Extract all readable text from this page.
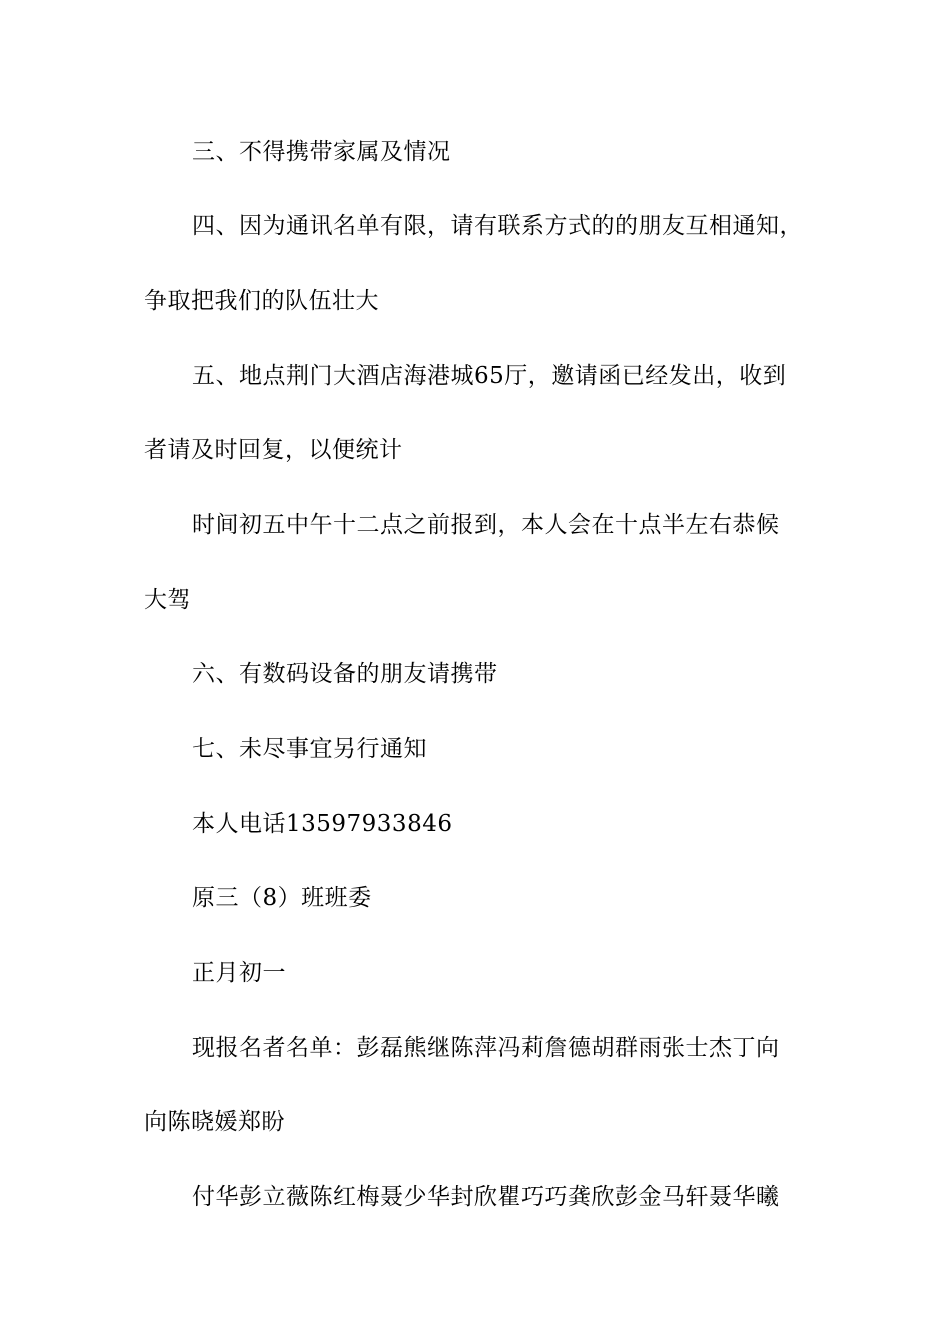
三、不得携带家属及情况
四、因为通讯名单有限，请有联系方式的的朋友互相通知，
争取把我们的队伍壮大
五、地点荆门大酒店海港城65厅，邀请函已经发出，收到
者请及时回复，以便统计
时间初五中午十二点之前报到，本人会在十点半左右恭候
大驾
六、有数码设备的朋友请携带
七、未尽事宜另行通知
本人电话13597933846
原三（8）班班委
正月初一
现报名者名单：彭磊熊继陈萍冯莉詹德胡群雨张士杰丁向
向陈晓媛郑盼
付华彭立薇陈红梅聂少华封欣瞿巧巧龚欣彭金马轩聂华曦
